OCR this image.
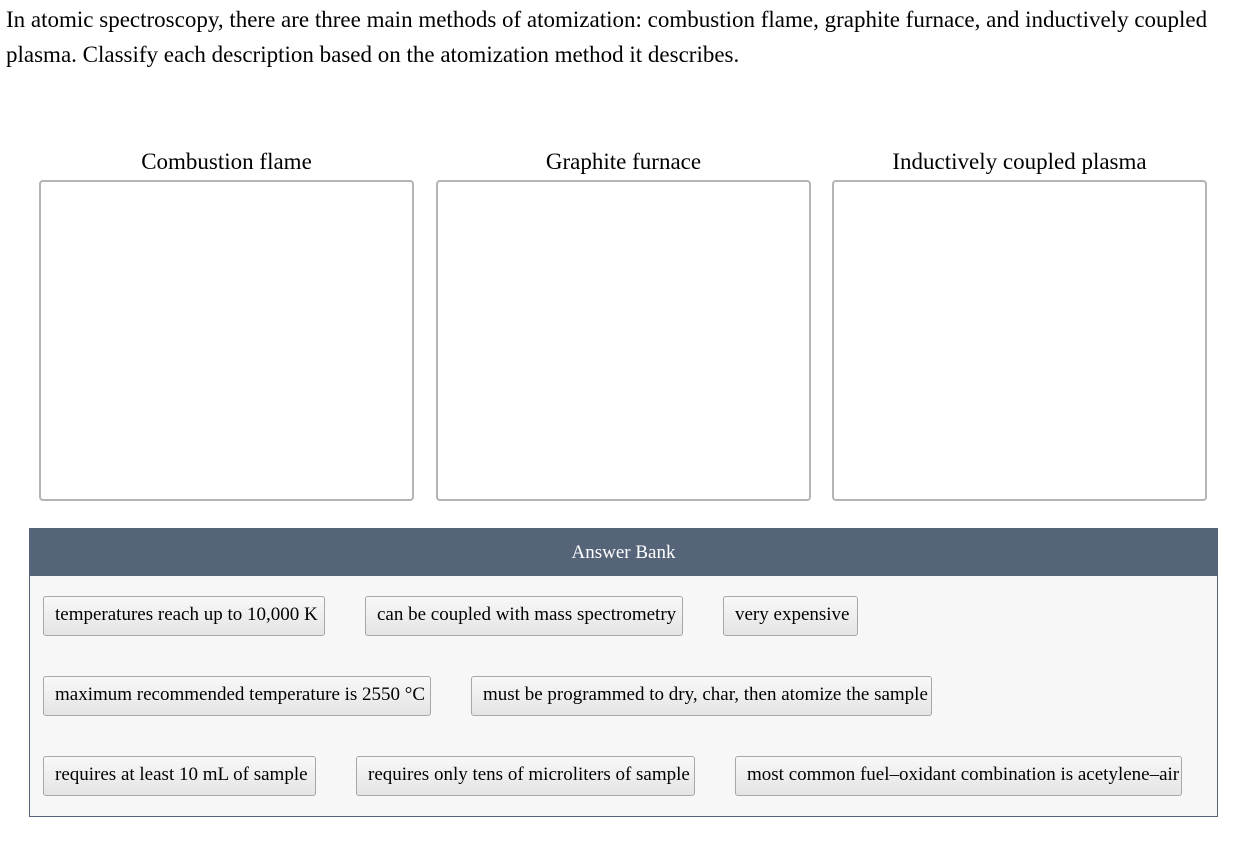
In atomic spectroscopy, there are three main methods of atomization: combustion flame, graphite furnace, and inductively coupled plasma. Classify each description based on the atomization method it describes.

Combustion flame	Graphite furnace	Inductively coupled plasma
Answer Bank
temperatures reach up to 10,000 K	can be coupled with mass spectrometry	very expensive
maximum recommended temperature is 2550 °C	must be programmed to dry, char, then atomize the sample
requires at least 10 mL of sample	requires only tens of microliters of sample	most common fuel–oxidant combination is acetylene–air
